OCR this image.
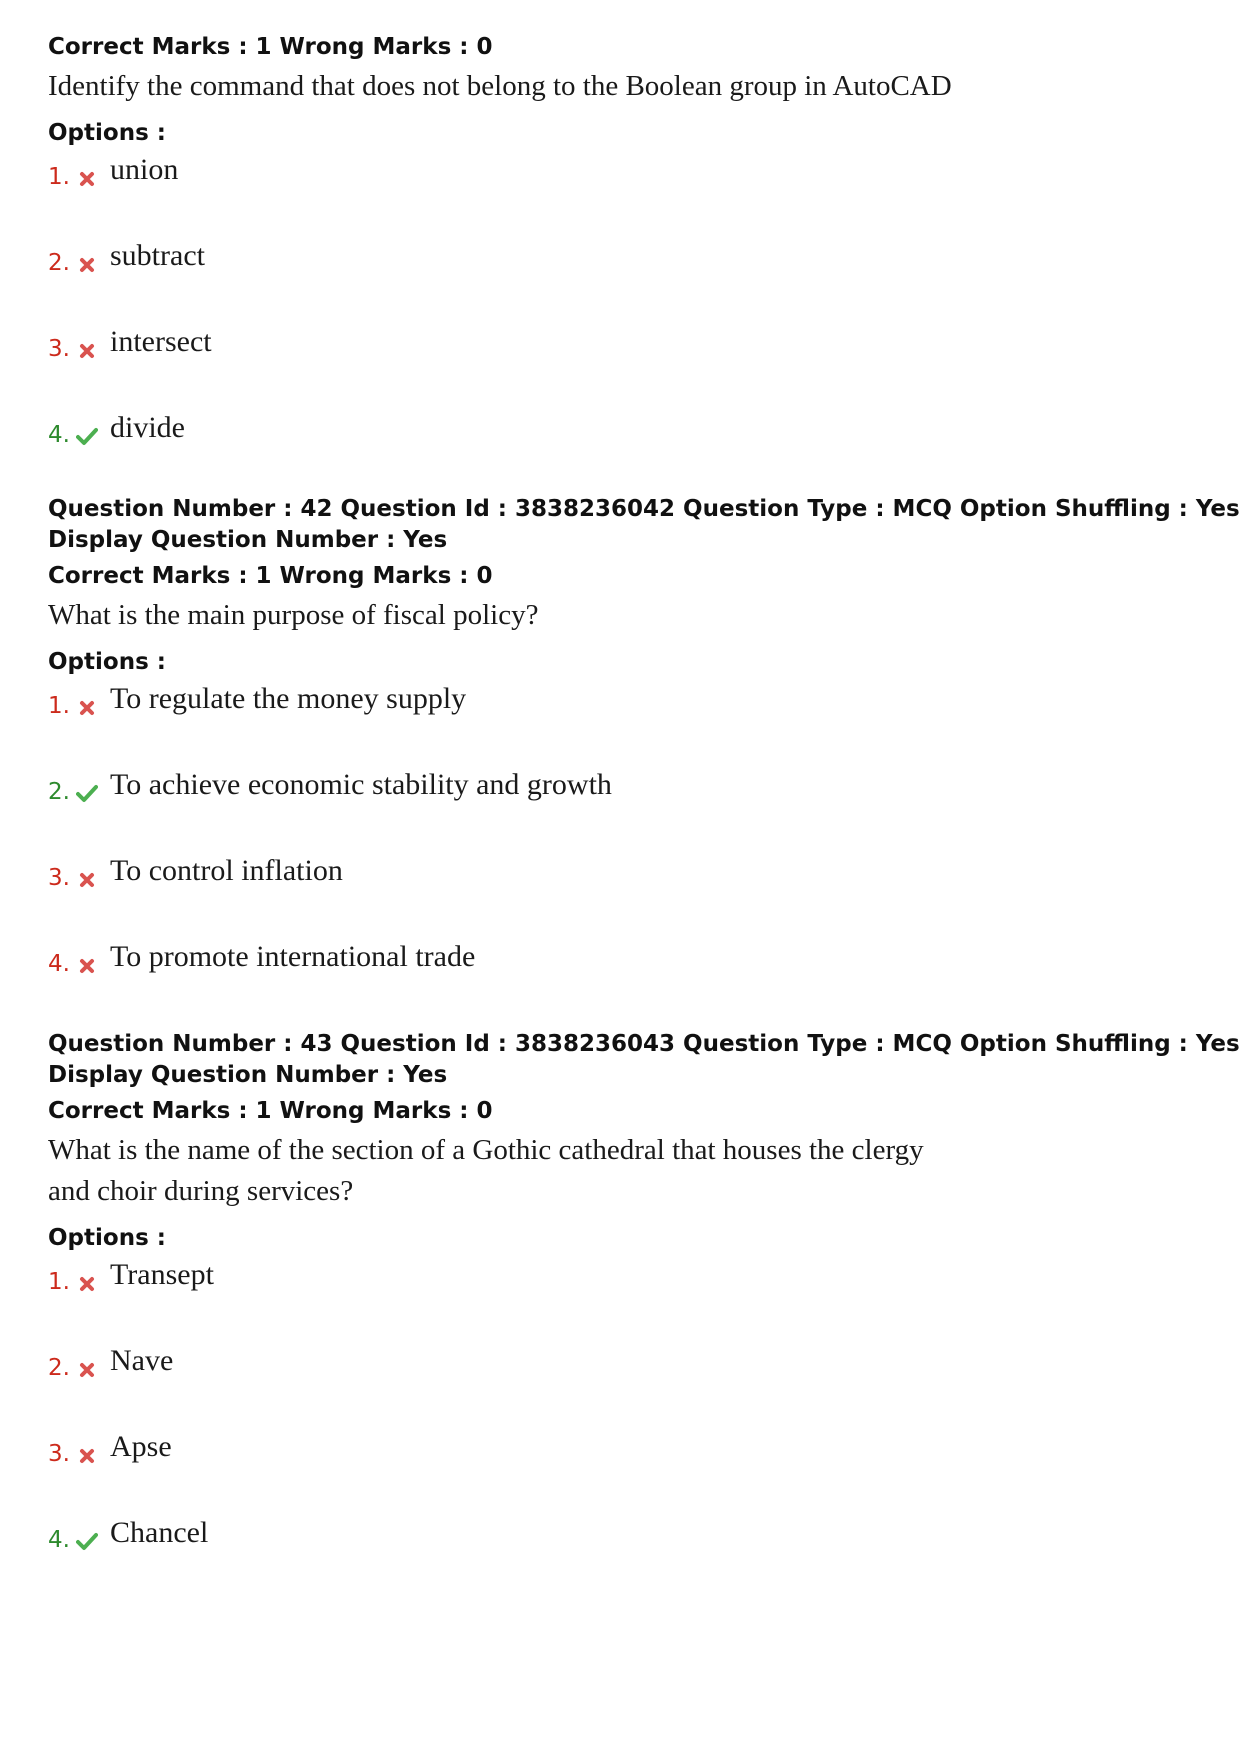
Correct Marks : 1 Wrong Marks : 0
Identify the command that does not belong to the Boolean group in AutoCAD
Options :
1. union
2. subtract
3. intersect
4. divide
Question Number : 42 Question Id : 3838236042 Question Type : MCQ Option Shuffling : Yes
Display Question Number : Yes
Correct Marks : 1 Wrong Marks : 0
What is the main purpose of fiscal policy?
Options :
1. To regulate the money supply
2. To achieve economic stability and growth
3. To control inflation
4. To promote international trade
Question Number : 43 Question Id : 3838236043 Question Type : MCQ Option Shuffling : Yes
Display Question Number : Yes
Correct Marks : 1 Wrong Marks : 0
What is the name of the section of a Gothic cathedral that houses the clergy and choir during services?
Options :
1. Transept
2. Nave
3. Apse
4. Chancel
